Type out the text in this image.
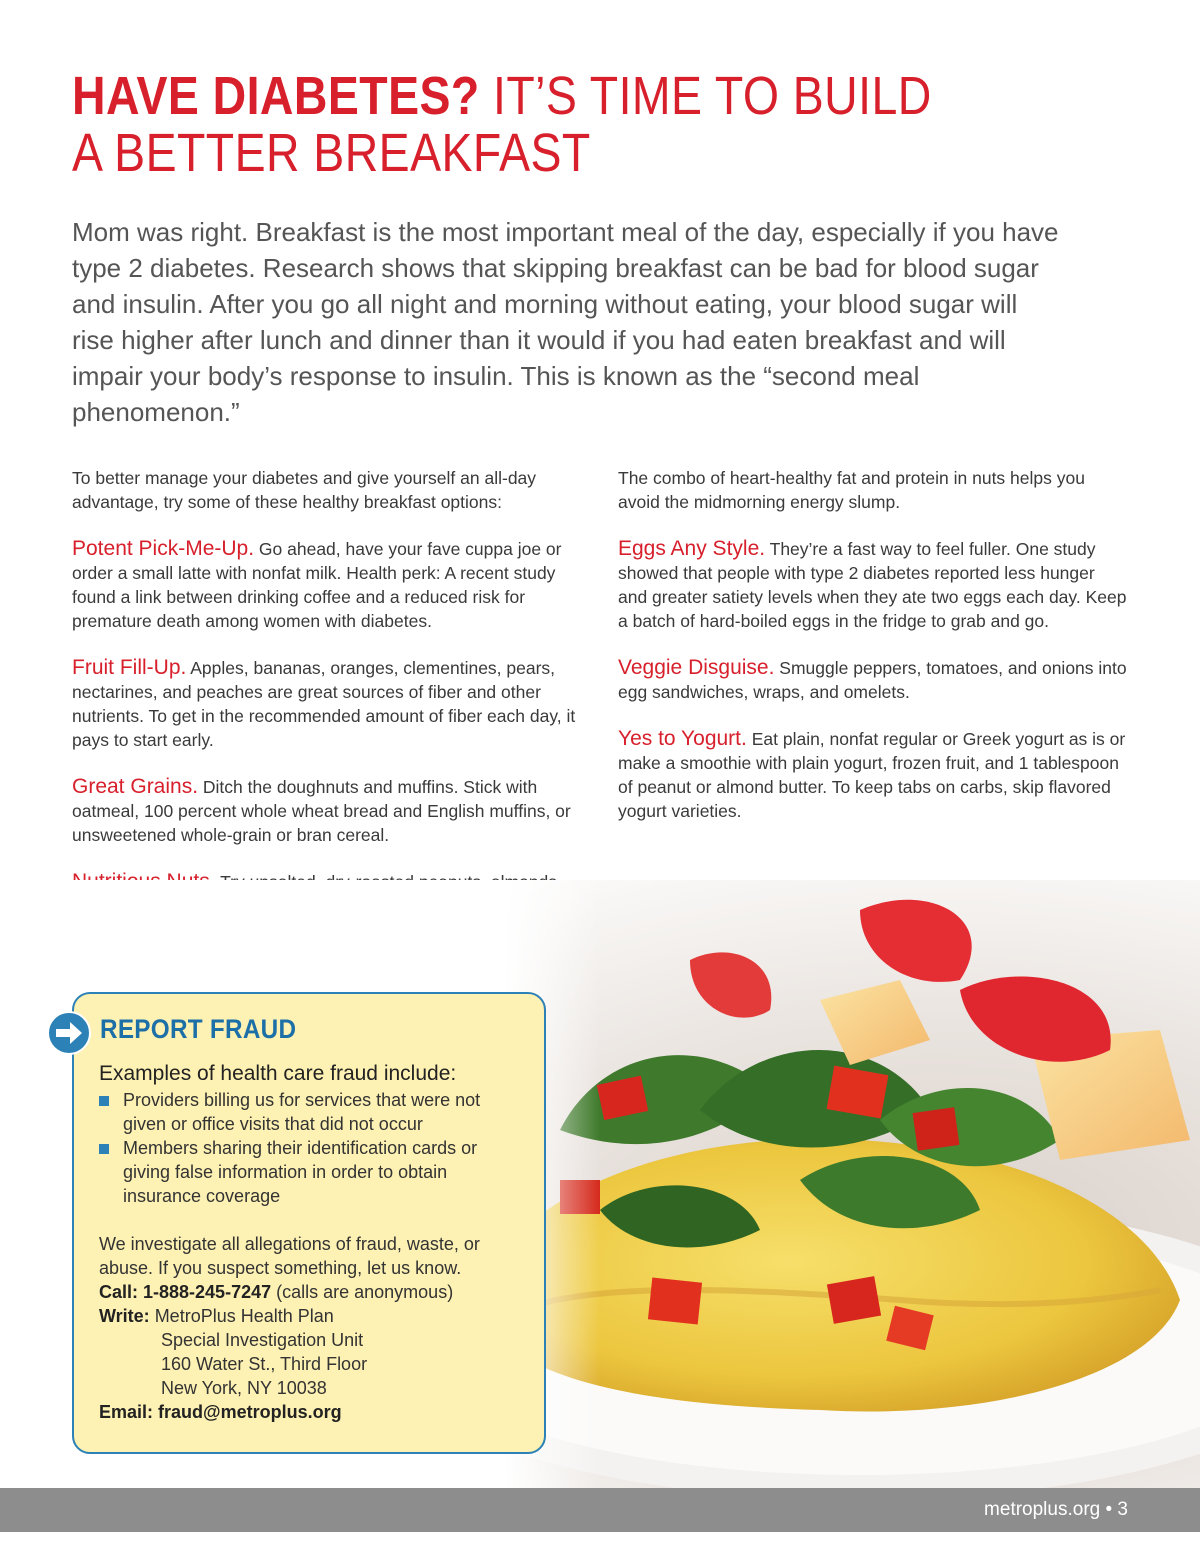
HAVE DIABETES? IT’S TIME TO BUILD
A BETTER BREAKFAST

Mom was right. Breakfast is the most important meal of the day, especially if you have type 2 diabetes. Research shows that skipping breakfast can be bad for blood sugar and insulin. After you go all night and morning without eating, your blood sugar will rise higher after lunch and dinner than it would if you had eaten breakfast and will impair your body’s response to insulin. This is known as the “second meal phenomenon.”

To better manage your diabetes and give yourself an all-day advantage, try some of these healthy breakfast options:

Potent Pick-Me-Up. Go ahead, have your fave cuppa joe or order a small latte with nonfat milk. Health perk: A recent study found a link between drinking coffee and a reduced risk for premature death among women with diabetes.

Fruit Fill-Up. Apples, bananas, oranges, clementines, pears, nectarines, and peaches are great sources of fiber and other nutrients. To get in the recommended amount of fiber each day, it pays to start early.

Great Grains. Ditch the doughnuts and muffins. Stick with oatmeal, 100 percent whole wheat bread and English muffins, or unsweetened whole-grain or bran cereal.

The combo of heart-healthy fat and protein in nuts helps you avoid the midmorning energy slump.

Eggs Any Style. They’re a fast way to feel fuller. One study showed that people with type 2 diabetes reported less hunger and greater satiety levels when they ate two eggs each day. Keep a batch of hard-boiled eggs in the fridge to grab and go.

Veggie Disguise. Smuggle peppers, tomatoes, and onions into egg sandwiches, wraps, and omelets.

Yes to Yogurt. Eat plain, nonfat regular or Greek yogurt as is or make a smoothie with plain yogurt, frozen fruit, and 1 tablespoon of peanut or almond butter. To keep tabs on carbs, skip flavored yogurt varieties.

REPORT FRAUD
Examples of health care fraud include:
Providers billing us for services that were not given or office visits that did not occur
Members sharing their identification cards or giving false information in order to obtain insurance coverage
We investigate all allegations of fraud, waste, or abuse. If you suspect something, let us know.
Call: 1-888-245-7247 (calls are anonymous)
Write: MetroPlus Health Plan
Special Investigation Unit
160 Water St., Third Floor
New York, NY 10038
Email: fraud@metroplus.org
metroplus.org • 3
